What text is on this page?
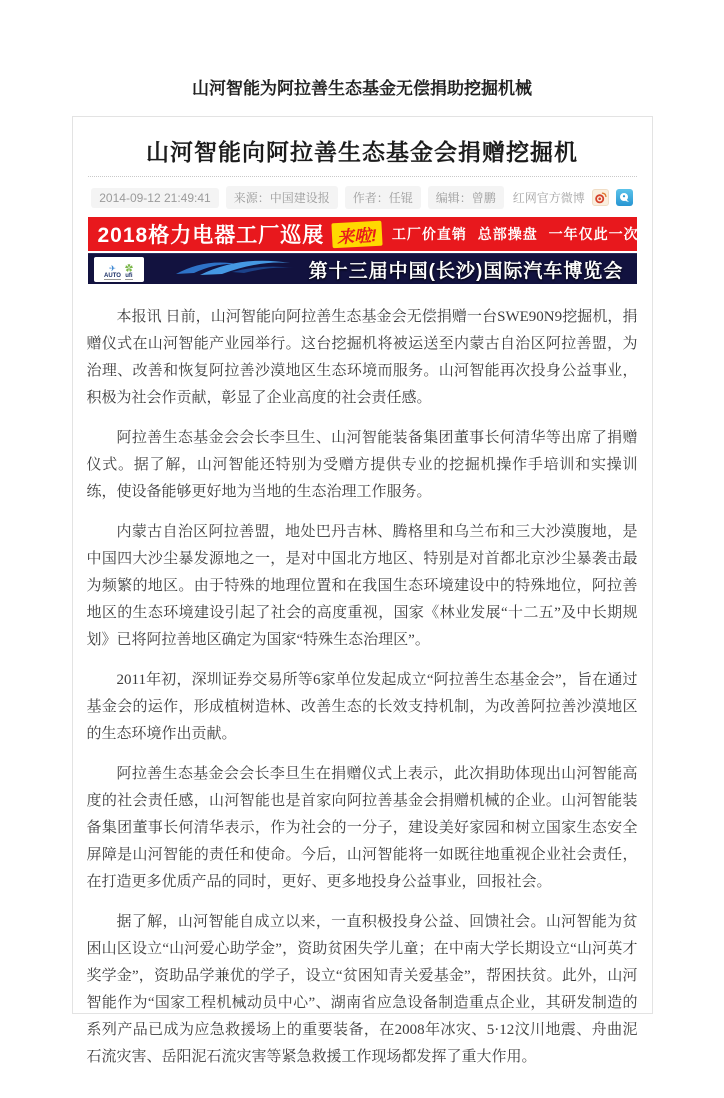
山河智能为阿拉善生态基金无偿捐助挖掘机械
山河智能向阿拉善生态基金会捐赠挖掘机
2014-09-12 21:49:41	来源：中国建设报	作者：任锟	编辑：曾鹏	红网官方微博
2018格力电器工厂巡展 来啦!	工厂价直销 总部操盘 一年仅此一次
✈
AUTO
✿
ufi	第十三届中国(长沙)国际汽车博览会

本报讯 日前，山河智能向阿拉善生态基金会无偿捐赠一台SWE90N9挖掘机，捐赠仪式在山河智能产业园举行。这台挖掘机将被运送至内蒙古自治区阿拉善盟，为治理、改善和恢复阿拉善沙漠地区生态环境而服务。山河智能再次投身公益事业，积极为社会作贡献，彰显了企业高度的社会责任感。

阿拉善生态基金会会长李旦生、山河智能装备集团董事长何清华等出席了捐赠仪式。据了解，山河智能还特别为受赠方提供专业的挖掘机操作手培训和实操训练，使设备能够更好地为当地的生态治理工作服务。

内蒙古自治区阿拉善盟，地处巴丹吉林、腾格里和乌兰布和三大沙漠腹地，是中国四大沙尘暴发源地之一，是对中国北方地区、特别是对首都北京沙尘暴袭击最为频繁的地区。由于特殊的地理位置和在我国生态环境建设中的特殊地位，阿拉善地区的生态环境建设引起了社会的高度重视，国家《林业发展“十二五”及中长期规划》已将阿拉善地区确定为国家“特殊生态治理区”。

2011年初，深圳证券交易所等6家单位发起成立“阿拉善生态基金会”，旨在通过基金会的运作，形成植树造林、改善生态的长效支持机制，为改善阿拉善沙漠地区的生态环境作出贡献。

阿拉善生态基金会会长李旦生在捐赠仪式上表示，此次捐助体现出山河智能高度的社会责任感，山河智能也是首家向阿拉善基金会捐赠机械的企业。山河智能装备集团董事长何清华表示，作为社会的一分子，建设美好家园和树立国家生态安全屏障是山河智能的责任和使命。今后，山河智能将一如既往地重视企业社会责任，在打造更多优质产品的同时，更好、更多地投身公益事业，回报社会。

据了解，山河智能自成立以来，一直积极投身公益、回馈社会。山河智能为贫困山区设立“山河爱心助学金”，资助贫困失学儿童；在中南大学长期设立“山河英才奖学金”，资助品学兼优的学子，设立“贫困知青关爱基金”，帮困扶贫。此外，山河智能作为“国家工程机械动员中心”、湖南省应急设备制造重点企业，其研发制造的系列产品已成为应急救援场上的重要装备，在2008年冰灾、5·12汶川地震、舟曲泥石流灾害、岳阳泥石流灾害等紧急救援工作现场都发挥了重大作用。
